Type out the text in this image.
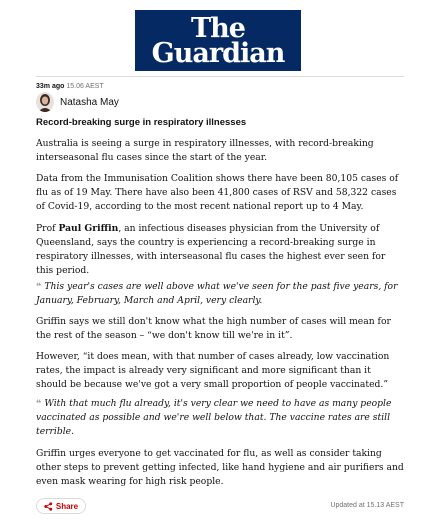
The
Guardian
33m ago 15.06 AEST
Natasha May
Record-breaking surge in respiratory illnesses

Australia is seeing a surge in respiratory illnesses, with record-breaking interseasonal flu cases since the start of the year.

Data from the Immunisation Coalition shows there have been 80,105 cases of flu as of 19 May. There have also been 41,800 cases of RSV and 58,322 cases of Covid-19, according to the most recent national report up to 4 May.

Prof Paul Griffin, an infectious diseases physician from the University of Queensland, says the country is experiencing a record-breaking surge in respiratory illnesses, with interseasonal flu cases the highest ever seen for this period.

❝ This year's cases are well above what we've seen for the past five years, for January, February, March and April, very clearly.

Griffin says we still don't know what the high number of cases will mean for the rest of the season – “we don't know till we're in it”.

However, “it does mean, with that number of cases already, low vaccination rates, the impact is already very significant and more significant than it should be because we've got a very small proportion of people vaccinated.”

❝ With that much flu already, it's very clear we need to have as many people vaccinated as possible and we're well below that. The vaccine rates are still terrible.

Griffin urges everyone to get vaccinated for flu, as well as consider taking other steps to prevent getting infected, like hand hygiene and air purifiers and even mask wearing for high risk people.

Share	Updated at 15.13 AEST
